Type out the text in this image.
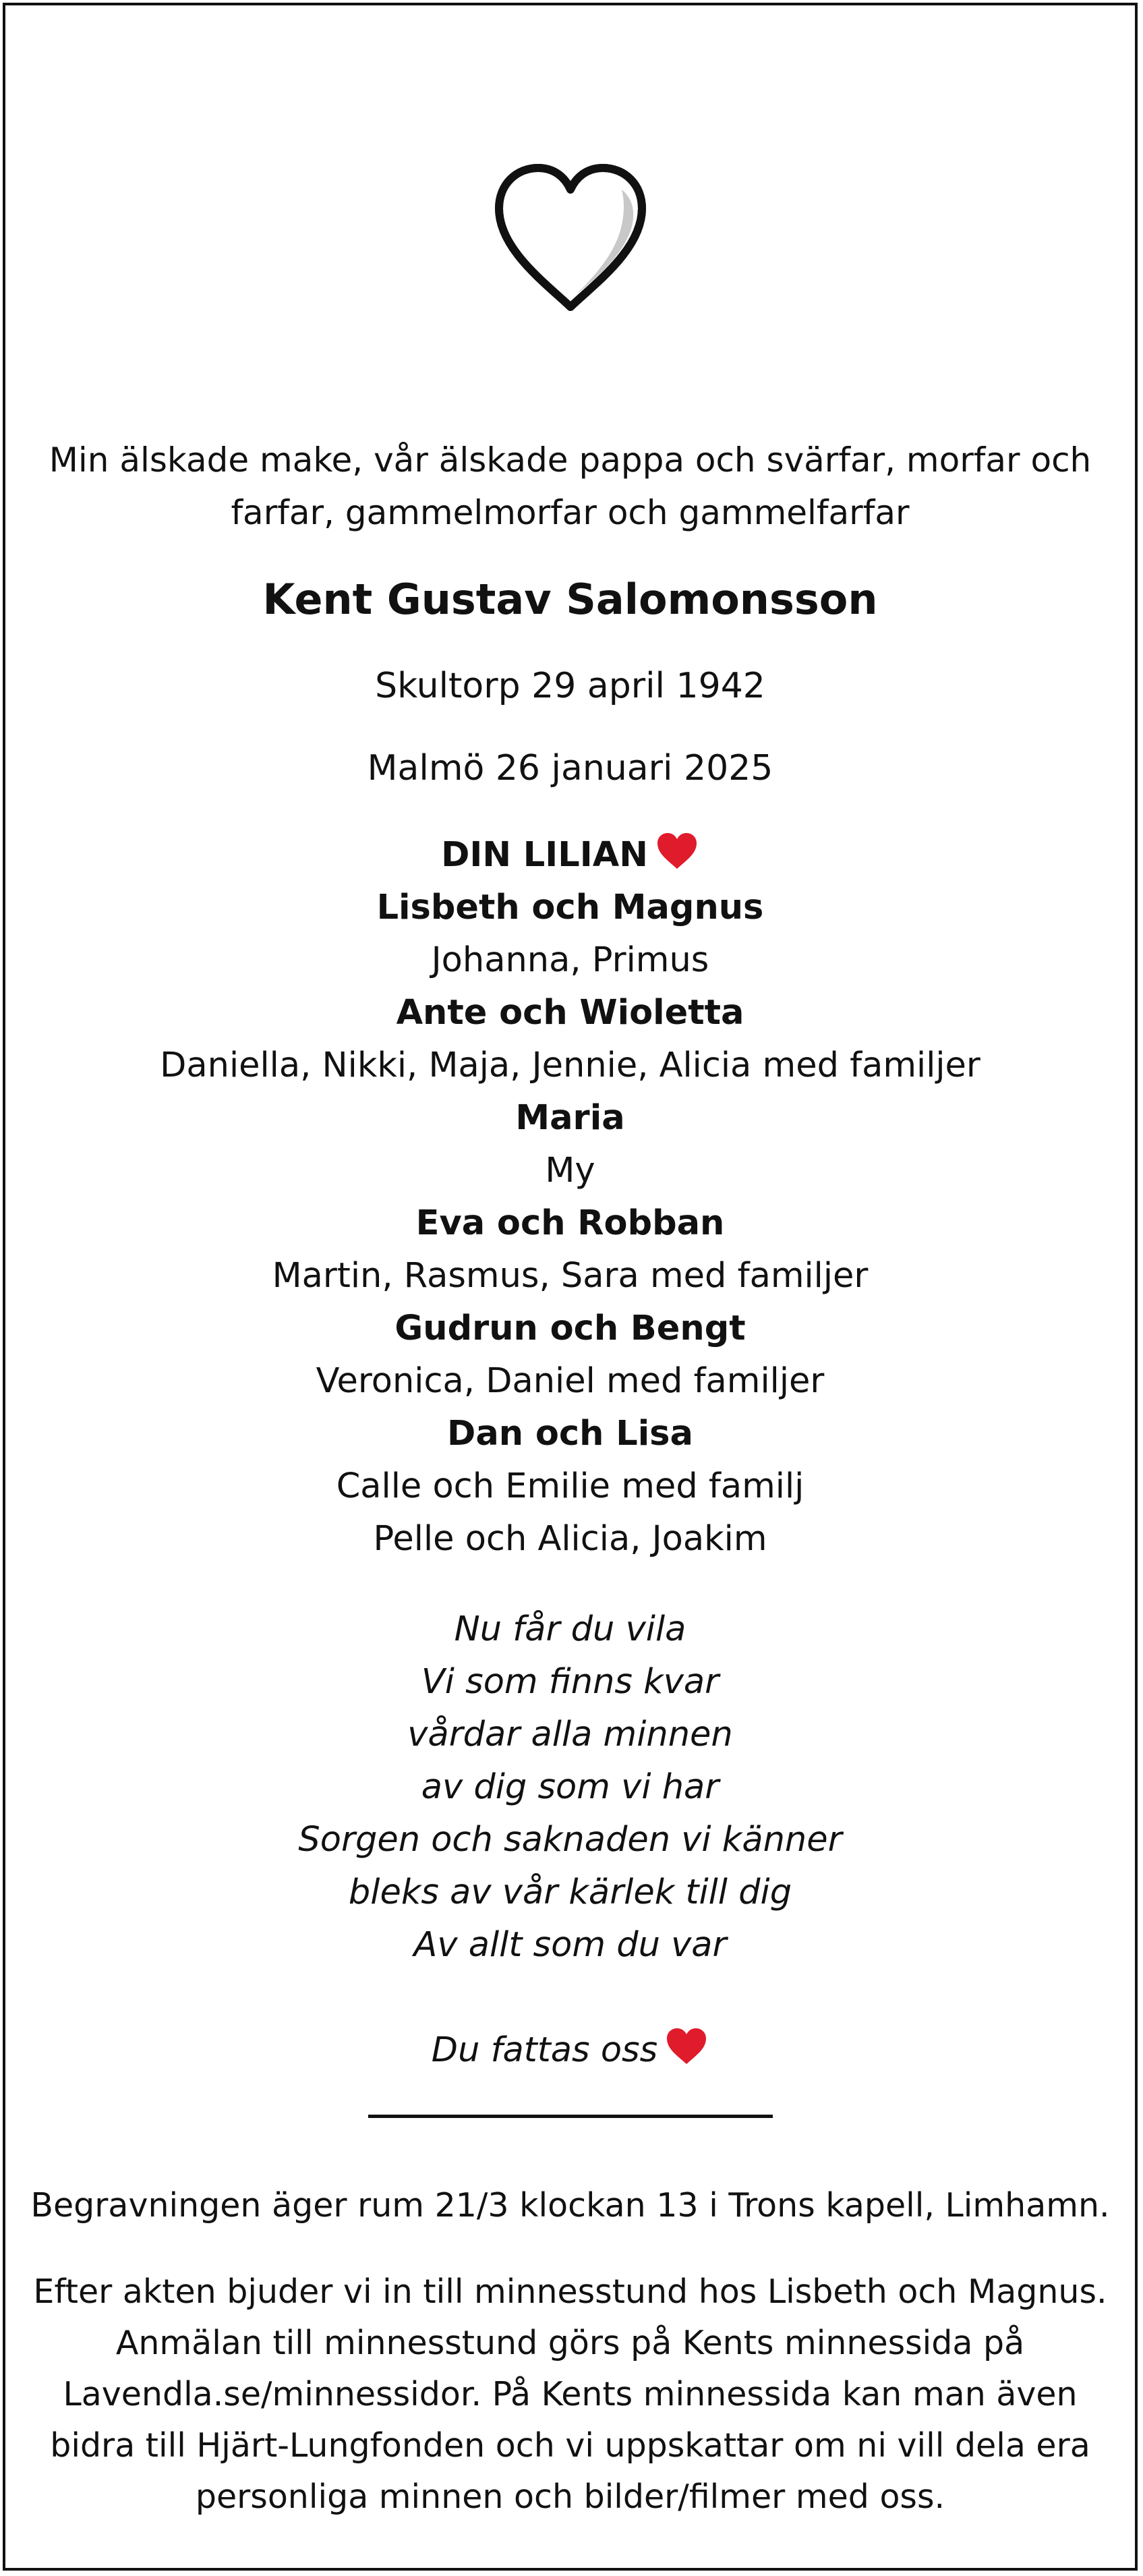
Min älskade make, vår älskade pappa och svärfar, morfar och
farfar, gammelmorfar och gammelfarfar
Kent Gustav Salomonsson
Skultorp 29 april 1942
Malmö 26 januari 2025
DIN LILIAN
Lisbeth och Magnus
Johanna, Primus
Ante och Wioletta
Daniella, Nikki, Maja, Jennie, Alicia med familjer
Maria
My
Eva och Robban
Martin, Rasmus, Sara med familjer
Gudrun och Bengt
Veronica, Daniel med familjer
Dan och Lisa
Calle och Emilie med familj
Pelle och Alicia, Joakim
Nu får du vila
Vi som finns kvar
vårdar alla minnen
av dig som vi har
Sorgen och saknaden vi känner
bleks av vår kärlek till dig
Av allt som du var
Du fattas oss
Begravningen äger rum 21/3 klockan 13 i Trons kapell, Limhamn.
Efter akten bjuder vi in till minnesstund hos Lisbeth och Magnus.
Anmälan till minnesstund görs på Kents minnessida på
Lavendla.se/minnessidor. På Kents minnessida kan man även
bidra till Hjärt-Lungfonden och vi uppskattar om ni vill dela era
personliga minnen och bilder/filmer med oss.
